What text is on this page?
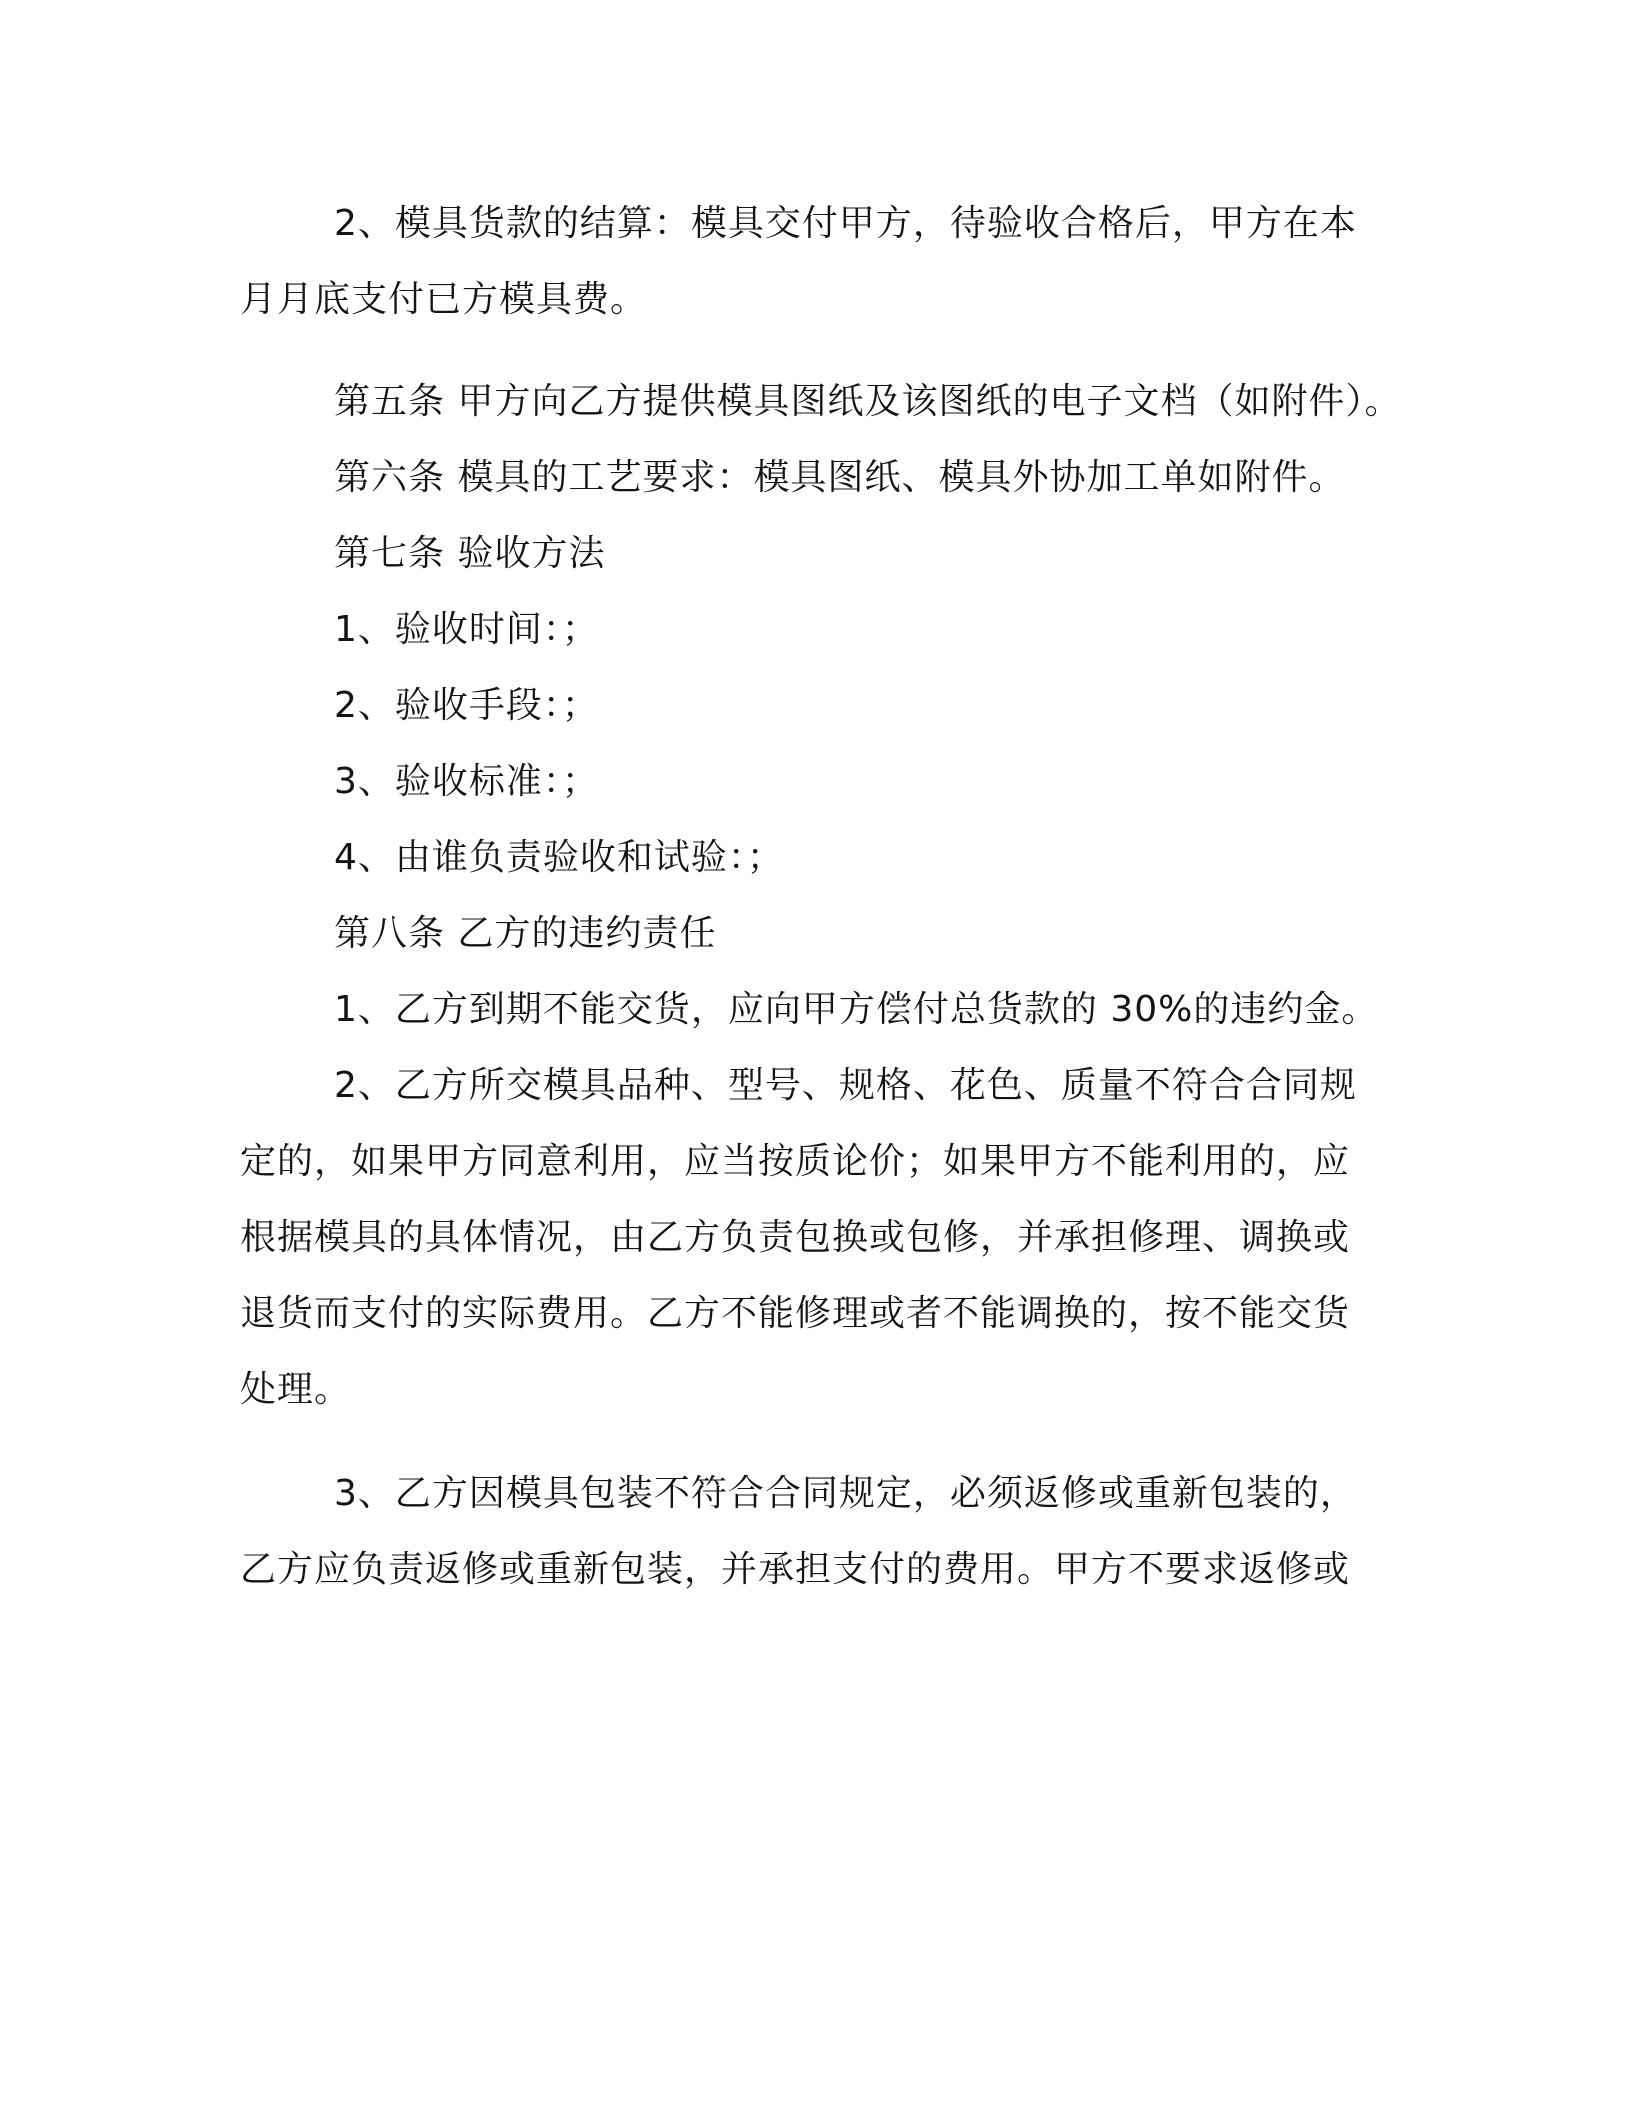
2、模具货款的结算：模具交付甲方，待验收合格后，甲方在本
月月底支付已方模具费。
第五条 甲方向乙方提供模具图纸及该图纸的电子文档（如附件）。
第六条 模具的工艺要求：模具图纸、模具外协加工单如附件。
第七条 验收方法
1、验收时间：；
2、验收手段：；
3、验收标准：；
4、由谁负责验收和试验：；
第八条 乙方的违约责任
1、乙方到期不能交货，应向甲方偿付总货款的 30%的违约金。
2、乙方所交模具品种、型号、规格、花色、质量不符合合同规
定的，如果甲方同意利用，应当按质论价；如果甲方不能利用的，应
根据模具的具体情况，由乙方负责包换或包修，并承担修理、调换或
退货而支付的实际费用。乙方不能修理或者不能调换的，按不能交货
处理。
3、乙方因模具包装不符合合同规定，必须返修或重新包装的，
乙方应负责返修或重新包装，并承担支付的费用。甲方不要求返修或
